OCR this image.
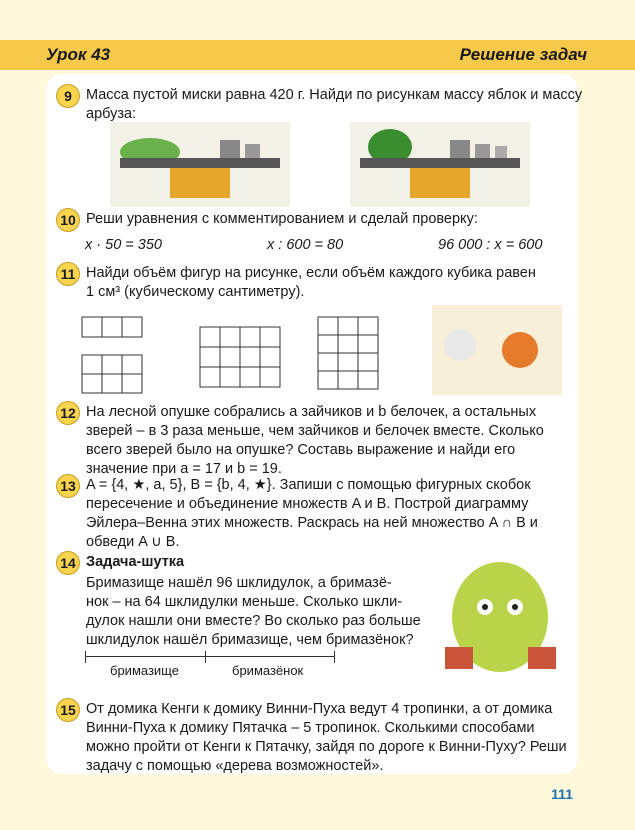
Урок 43	Решение задач
9 Масса пустой миски равна 420 г. Найди по рисункам массу яблок и массу
арбуза:
10 Реши уравнения с комментированием и сделай проверку:
x · 50 = 350	x : 600 = 80	96 000 : x = 600
11 Найди объём фигур на рисунке, если объём каждого кубика равен
1 см³ (кубическому сантиметру).
12 На лесной опушке собрались a зайчиков и b белочек, а остальных
зверей – в 3 раза меньше, чем зайчиков и белочек вместе. Сколько
всего зверей было на опушке? Составь выражение и найди его
значение при a = 17 и b = 19.
13 A = {4, ★, a, 5}, B = {b, 4, ★}. Запиши с помощью фигурных скобок
пересечение и объединение множеств A и B. Построй диаграмму
Эйлера–Венна этих множеств. Раскрась на ней множество A ∩ B и
обведи A ∪ B.
14 Задача-шутка
Бримазище нашёл 96 шклидулок, а бримазё-
нок – на 64 шклидулки меньше. Сколько шкли-
дулок нашли они вместе? Во сколько раз больше
шклидулок нашёл бримазище, чем бримазёнок?
бримазище	бримазёнок
15 От домика Кенги к домику Винни-Пуха ведут 4 тропинки, а от домика
Винни-Пуха к домику Пятачка – 5 тропинок. Сколькими способами
можно пройти от Кенги к Пятачку, зайдя по дороге к Винни-Пуху? Реши
задачу с помощью «дерева возможностей».
111
